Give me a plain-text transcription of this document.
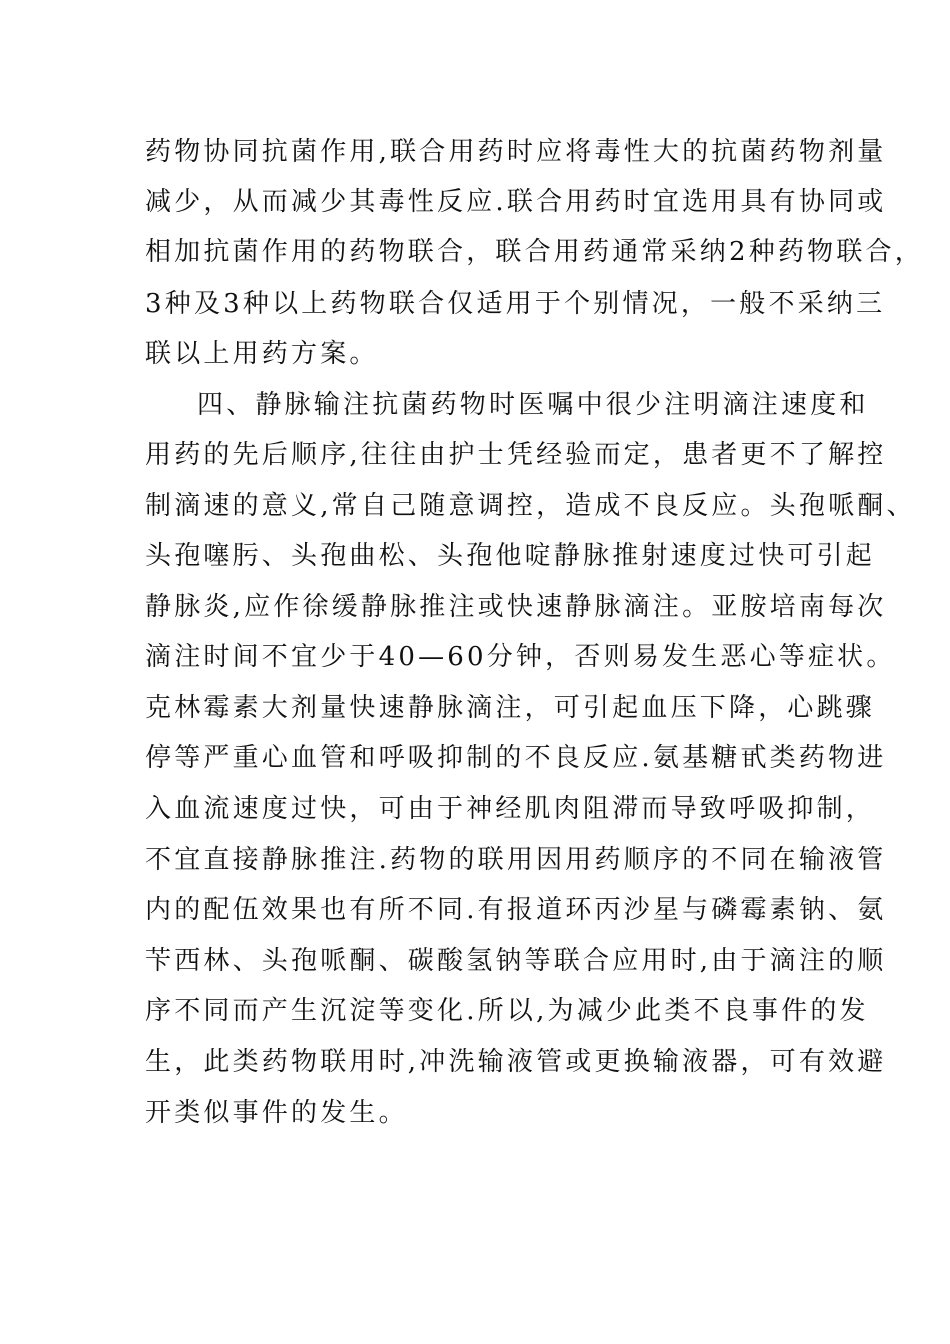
药物协同抗菌作用,联合用药时应将毒性大的抗菌药物剂量
减少，从而减少其毒性反应.联合用药时宜选用具有协同或
相加抗菌作用的药物联合，联合用药通常采纳2种药物联合，
3种及3种以上药物联合仅适用于个别情况，一般不采纳三
联以上用药方案。
四、静脉输注抗菌药物时医嘱中很少注明滴注速度和
用药的先后顺序,往往由护士凭经验而定，患者更不了解控
制滴速的意义,常自己随意调控，造成不良反应。头孢哌酮、
头孢噻肟、头孢曲松、头孢他啶静脉推射速度过快可引起
静脉炎,应作徐缓静脉推注或快速静脉滴注。亚胺培南每次
滴注时间不宜少于40—60分钟，否则易发生恶心等症状。
克林霉素大剂量快速静脉滴注，可引起血压下降，心跳骤
停等严重心血管和呼吸抑制的不良反应.氨基糖甙类药物进
入血流速度过快，可由于神经肌肉阻滞而导致呼吸抑制，
不宜直接静脉推注.药物的联用因用药顺序的不同在输液管
内的配伍效果也有所不同.有报道环丙沙星与磷霉素钠、氨
苄西林、头孢哌酮、碳酸氢钠等联合应用时,由于滴注的顺
序不同而产生沉淀等变化.所以,为减少此类不良事件的发
生，此类药物联用时,冲洗输液管或更换输液器，可有效避
开类似事件的发生。
